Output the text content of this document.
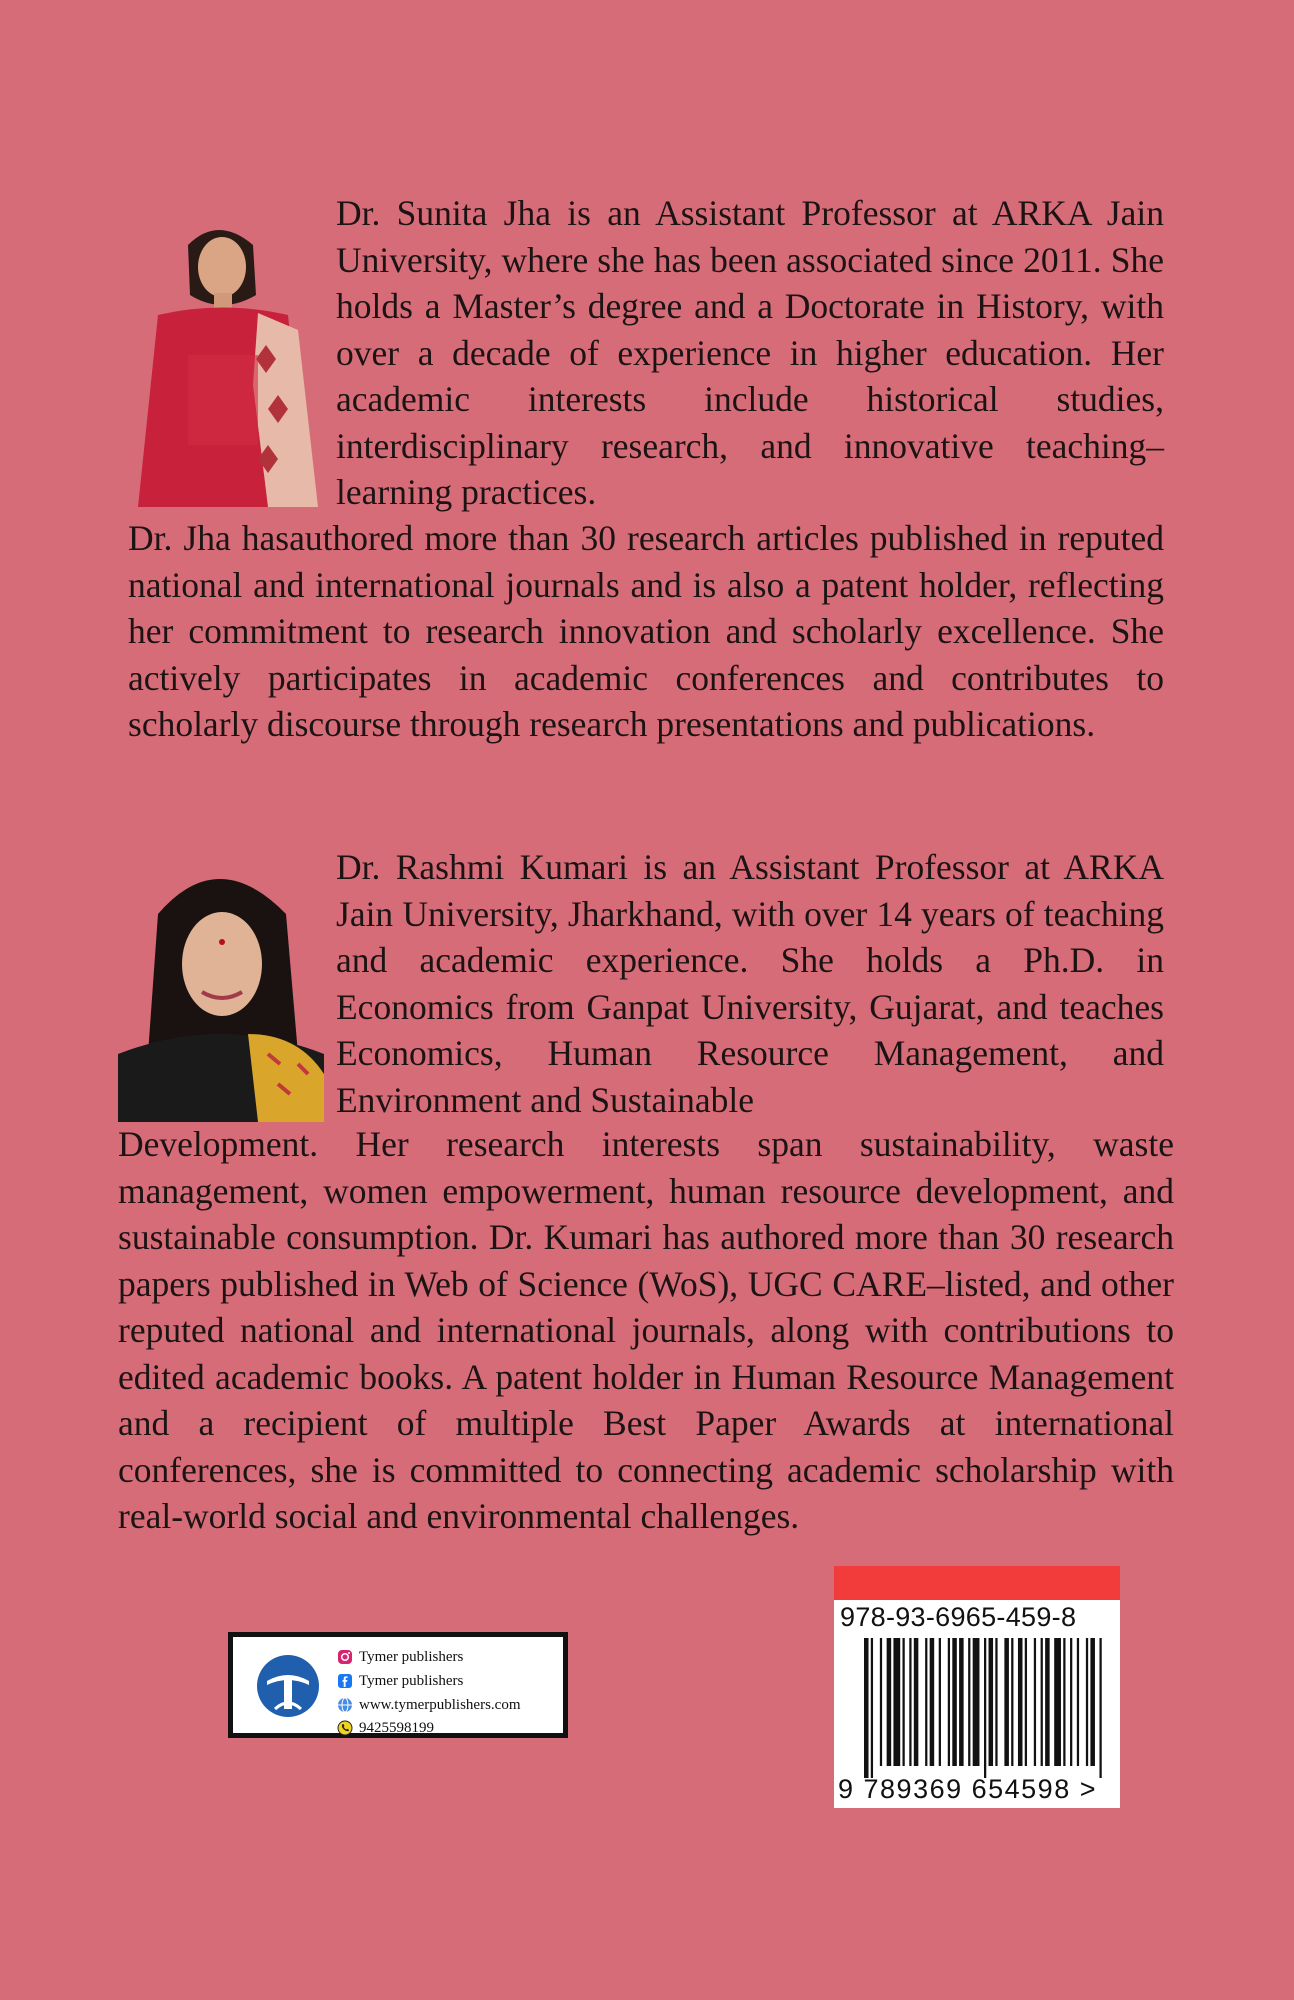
Dr. Sunita Jha is an Assistant Professor at ARKA Jain University, where she has been associated since 2011. She holds a Master’s degree and a Doctorate in History, with over a decade of experience in higher education. Her academic interests include historical studies, interdisciplinary research, and innovative teaching–learning practices.

Dr. Jha hasauthored more than 30 research articles published in reputed national and international journals and is also a patent holder, reflecting her commitment to research innovation and scholarly excellence. She actively participates in academic conferences and contributes to scholarly discourse through research presentations and publications.

Dr. Rashmi Kumari is an Assistant Professor at ARKA Jain University, Jharkhand, with over 14 years of teaching and academic experience. She holds a Ph.D. in Economics from Ganpat University, Gujarat, and teaches Economics, Human Resource Management, and Environment and Sustainable

Development. Her research interests span sustainability, waste management, women empowerment, human resource development, and sustainable consumption. Dr. Kumari has authored more than 30 research papers published in Web of Science (WoS), UGC CARE–listed, and other reputed national and international journals, along with contributions to edited academic books. A patent holder in Human Resource Management and a recipient of multiple Best Paper Awards at international conferences, she is committed to connecting academic scholarship with real-world social and environmental challenges.

Tymer publishers
Tymer publishers
www.tymerpublishers.com
9425598199
978-93-6965-459-8
9 789369 654598 >
